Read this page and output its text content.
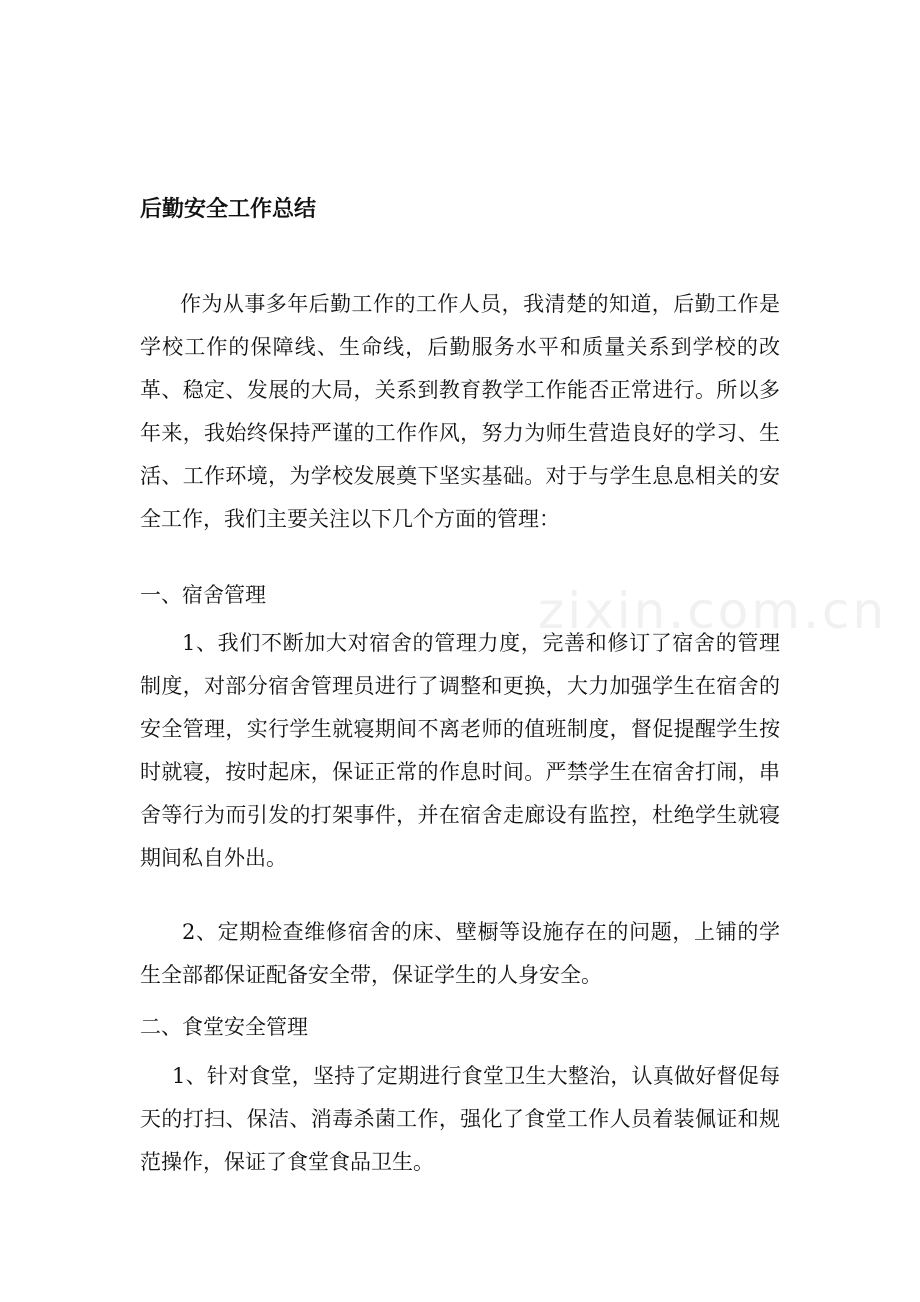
zixin.com.cn
后勤安全工作总结

作为从事多年后勤工作的工作人员，我清楚的知道，后勤工作是学校工作的保障线、生命线，后勤服务水平和质量关系到学校的改革、稳定、发展的大局，关系到教育教学工作能否正常进行。所以多年来，我始终保持严谨的工作作风，努力为师生营造良好的学习、生活、工作环境，为学校发展奠下坚实基础。对于与学生息息相关的安全工作，我们主要关注以下几个方面的管理：

一、宿舍管理

1、我们不断加大对宿舍的管理力度，完善和修订了宿舍的管理制度，对部分宿舍管理员进行了调整和更换，大力加强学生在宿舍的安全管理，实行学生就寝期间不离老师的值班制度，督促提醒学生按时就寝，按时起床，保证正常的作息时间。严禁学生在宿舍打闹，串舍等行为而引发的打架事件，并在宿舍走廊设有监控，杜绝学生就寝期间私自外出。

2、定期检查维修宿舍的床、壁橱等设施存在的问题，上铺的学生全部都保证配备安全带，保证学生的人身安全。

二、食堂安全管理

1、针对食堂，坚持了定期进行食堂卫生大整治，认真做好督促每天的打扫、保洁、消毒杀菌工作，强化了食堂工作人员着装佩证和规范操作，保证了食堂食品卫生。
